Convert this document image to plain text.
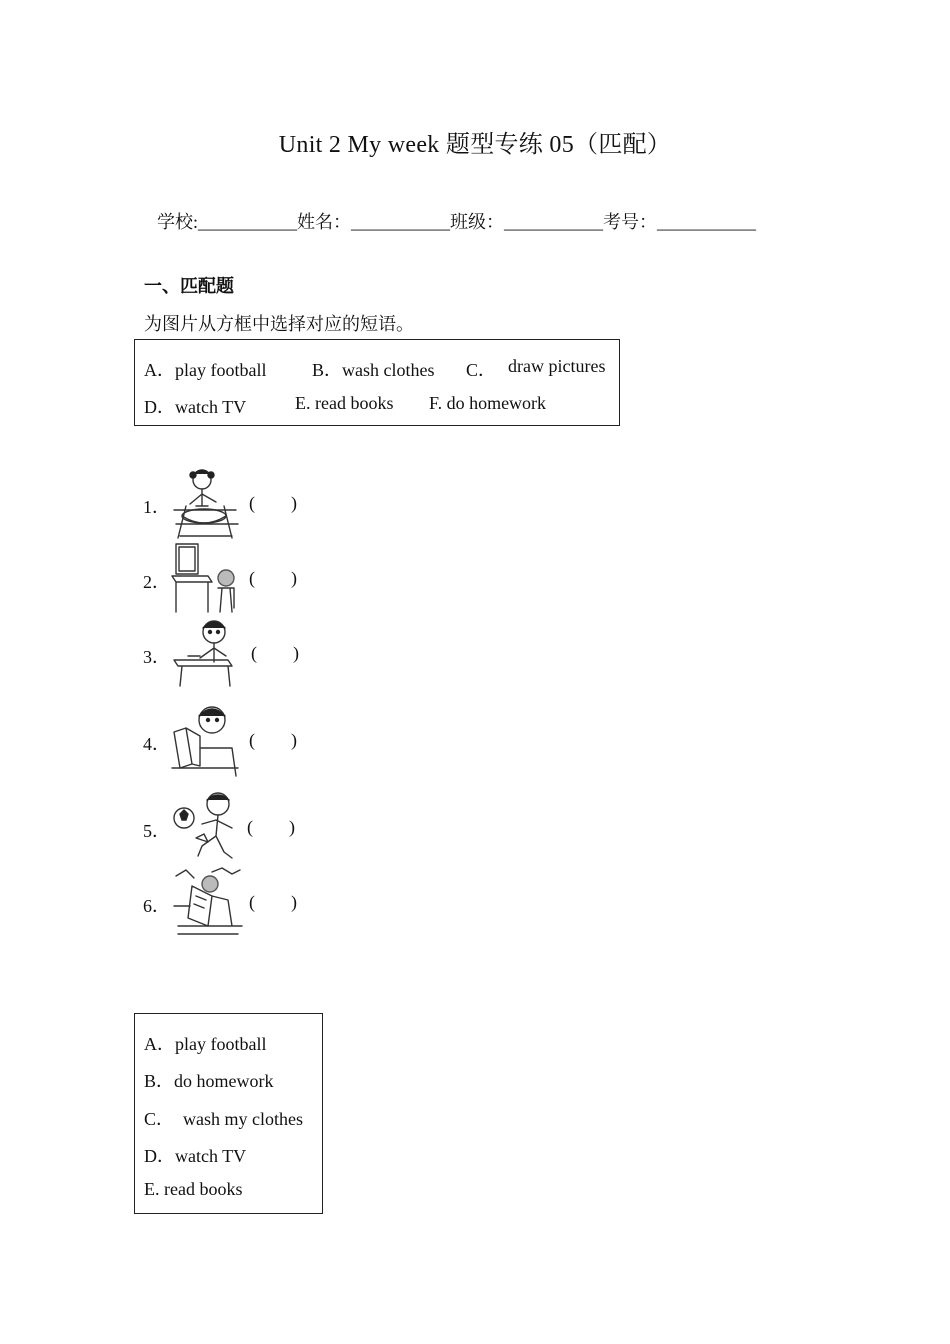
Unit 2 My week 题型专练 05（匹配）
学校:___________姓名：___________班级：___________考号：___________
一、匹配题
为图片从方框中选择对应的短语。
A．play football	B．wash clothes C． draw pictures
D．watch TV	E. read books F. do homework
1．	(        )
2．	(        )
3．	(        )
4．	(        )
5．	(        )
6．	(        )
A．play football
B．do homework
C．  wash my clothes
D．watch TV
E. read books
